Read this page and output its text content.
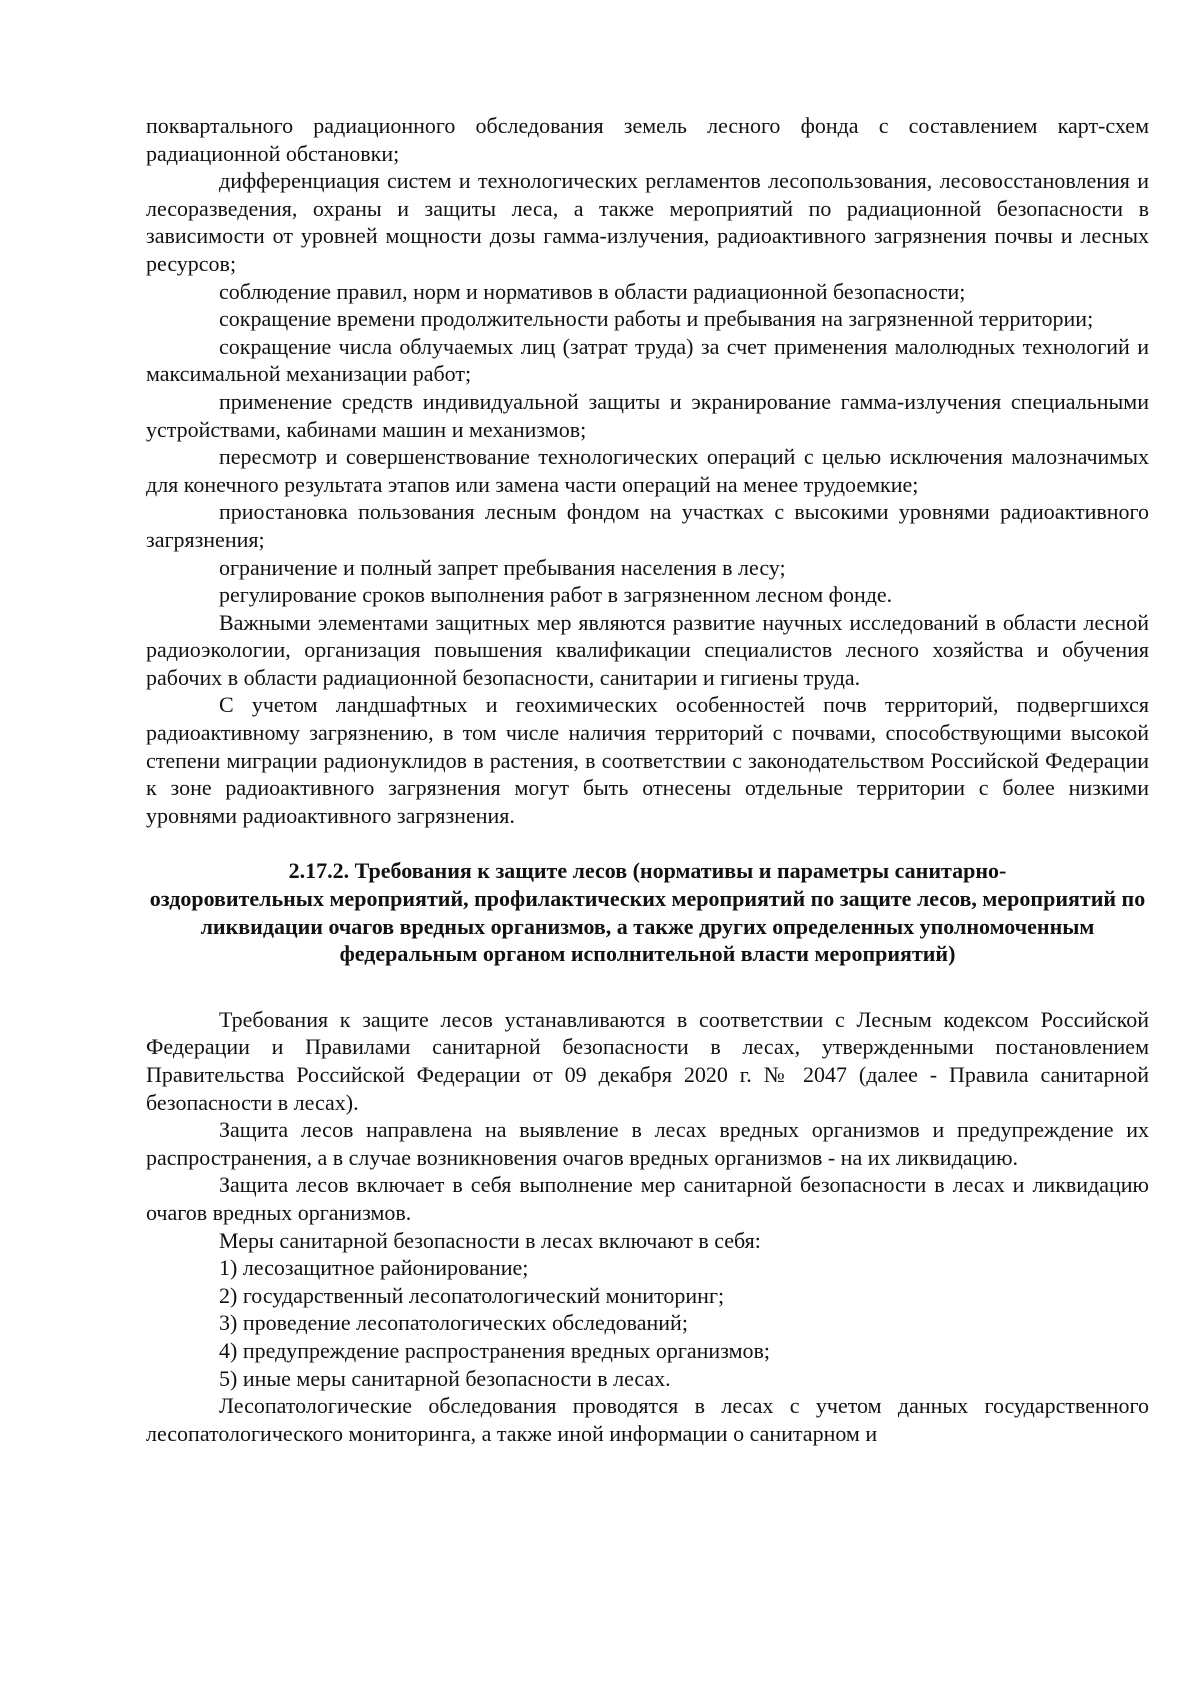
поквартального радиационного обследования земель лесного фонда с составлением карт-схем радиационной обстановки;

дифференциация систем и технологических регламентов лесопользования, лесовосстановления и лесоразведения, охраны и защиты леса, а также мероприятий по радиационной безопасности в зависимости от уровней мощности дозы гамма-излучения, радиоактивного загрязнения почвы и лесных ресурсов;

соблюдение правил, норм и нормативов в области радиационной безопасности;

сокращение времени продолжительности работы и пребывания на загрязненной территории;

сокращение числа облучаемых лиц (затрат труда) за счет применения малолюдных технологий и максимальной механизации работ;

применение средств индивидуальной защиты и экранирование гамма-излучения специальными устройствами, кабинами машин и механизмов;

пересмотр и совершенствование технологических операций с целью исключения малозначимых для конечного результата этапов или замена части операций на менее трудоемкие;

приостановка пользования лесным фондом на участках с высокими уровнями радиоактивного загрязнения;

ограничение и полный запрет пребывания населения в лесу;

регулирование сроков выполнения работ в загрязненном лесном фонде.

Важными элементами защитных мер являются развитие научных исследований в области лесной радиоэкологии, организация повышения квалификации специалистов лесного хозяйства и обучения рабочих в области радиационной безопасности, санитарии и гигиены труда.

С учетом ландшафтных и геохимических особенностей почв территорий, подвергшихся радиоактивному загрязнению, в том числе наличия территорий с почвами, способствующими высокой степени миграции радионуклидов в растения, в соответствии с законодательством Российской Федерации к зоне радиоактивного загрязнения могут быть отнесены отдельные территории с более низкими уровнями радиоактивного загрязнения.

2.17.2. Требования к защите лесов (нормативы и параметры санитарно-
оздоровительных мероприятий, профилактических мероприятий по защите лесов, мероприятий по ликвидации очагов вредных организмов, а также других определенных уполномоченным федеральным органом исполнительной власти мероприятий)

Требования к защите лесов устанавливаются в соответствии с Лесным кодексом Российской Федерации и Правилами санитарной безопасности в лесах, утвержденными постановлением Правительства Российской Федерации от 09 декабря 2020 г. № 2047 (далее - Правила санитарной безопасности в лесах).

Защита лесов направлена на выявление в лесах вредных организмов и предупреждение их распространения, а в случае возникновения очагов вредных организмов - на их ликвидацию.

Защита лесов включает в себя выполнение мер санитарной безопасности в лесах и ликвидацию очагов вредных организмов.

Меры санитарной безопасности в лесах включают в себя:

1) лесозащитное районирование;

2) государственный лесопатологический мониторинг;

3) проведение лесопатологических обследований;

4) предупреждение распространения вредных организмов;

5) иные меры санитарной безопасности в лесах.

Лесопатологические обследования проводятся в лесах с учетом данных государственного лесопатологического мониторинга, а также иной информации о санитарном и
